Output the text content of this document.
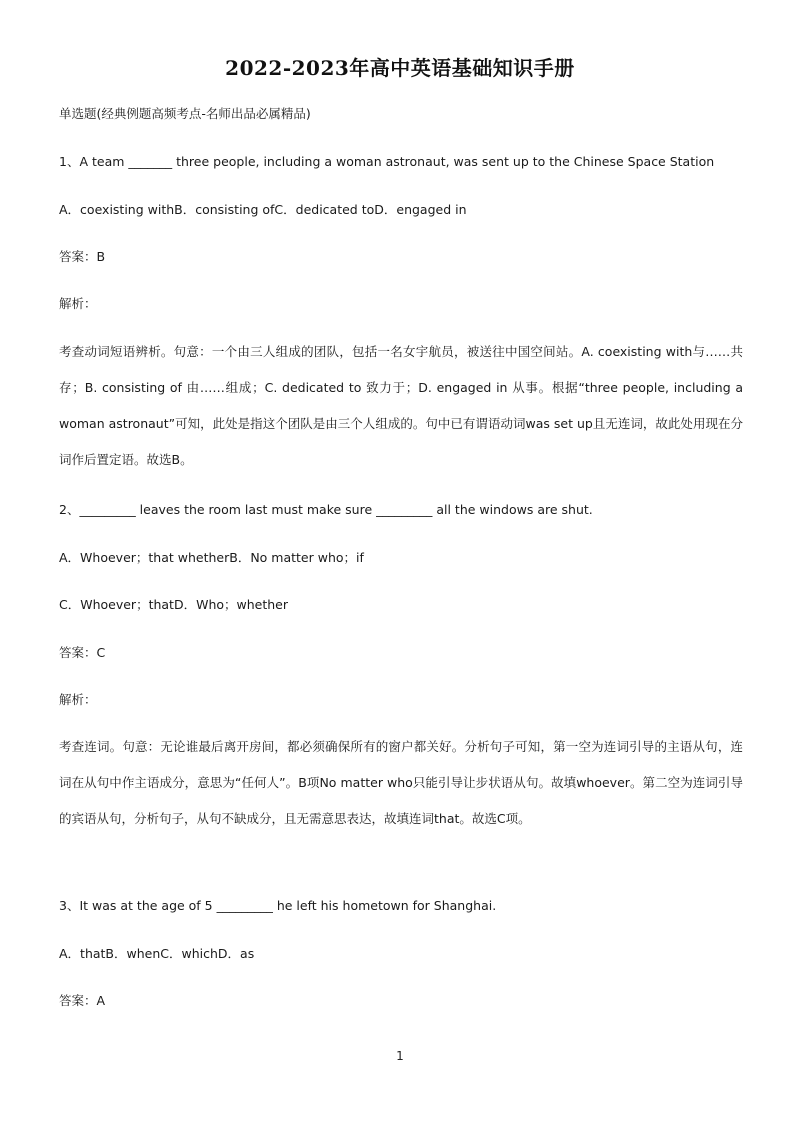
2022-2023年高中英语基础知识手册
单选题(经典例题高频考点-名师出品必属精品)
1、A team _______ three people, including a woman astronaut, was sent up to the Chinese Space Station
A．coexisting withB．consisting ofC．dedicated toD．engaged in
答案：B
解析：
考查动词短语辨析。句意：一个由三人组成的团队，包括一名女宇航员，被送往中国空间站。A. coexisting with与……共存；B. consisting of 由……组成；C. dedicated to 致力于；D. engaged in 从事。根据“three people, including a woman astronaut”可知，此处是指这个团队是由三个人组成的。句中已有谓语动词was set up且无连词，故此处用现在分词作后置定语。故选B。
2、_________ leaves the room last must make sure _________ all the windows are shut.
A．Whoever；that whetherB．No matter who；if
C．Whoever；thatD．Who；whether
答案：C
解析：
考查连词。句意：无论谁最后离开房间，都必须确保所有的窗户都关好。分析句子可知，第一空为连词引导的主语从句，连词在从句中作主语成分，意思为“任何人”。B项No matter who只能引导让步状语从句。故填whoever。第二空为连词引导的宾语从句，分析句子，从句不缺成分，且无需意思表达，故填连词that。故选C项。
3、It was at the age of 5 _________ he left his hometown for Shanghai.
A．thatB．whenC．whichD．as
答案：A
1
